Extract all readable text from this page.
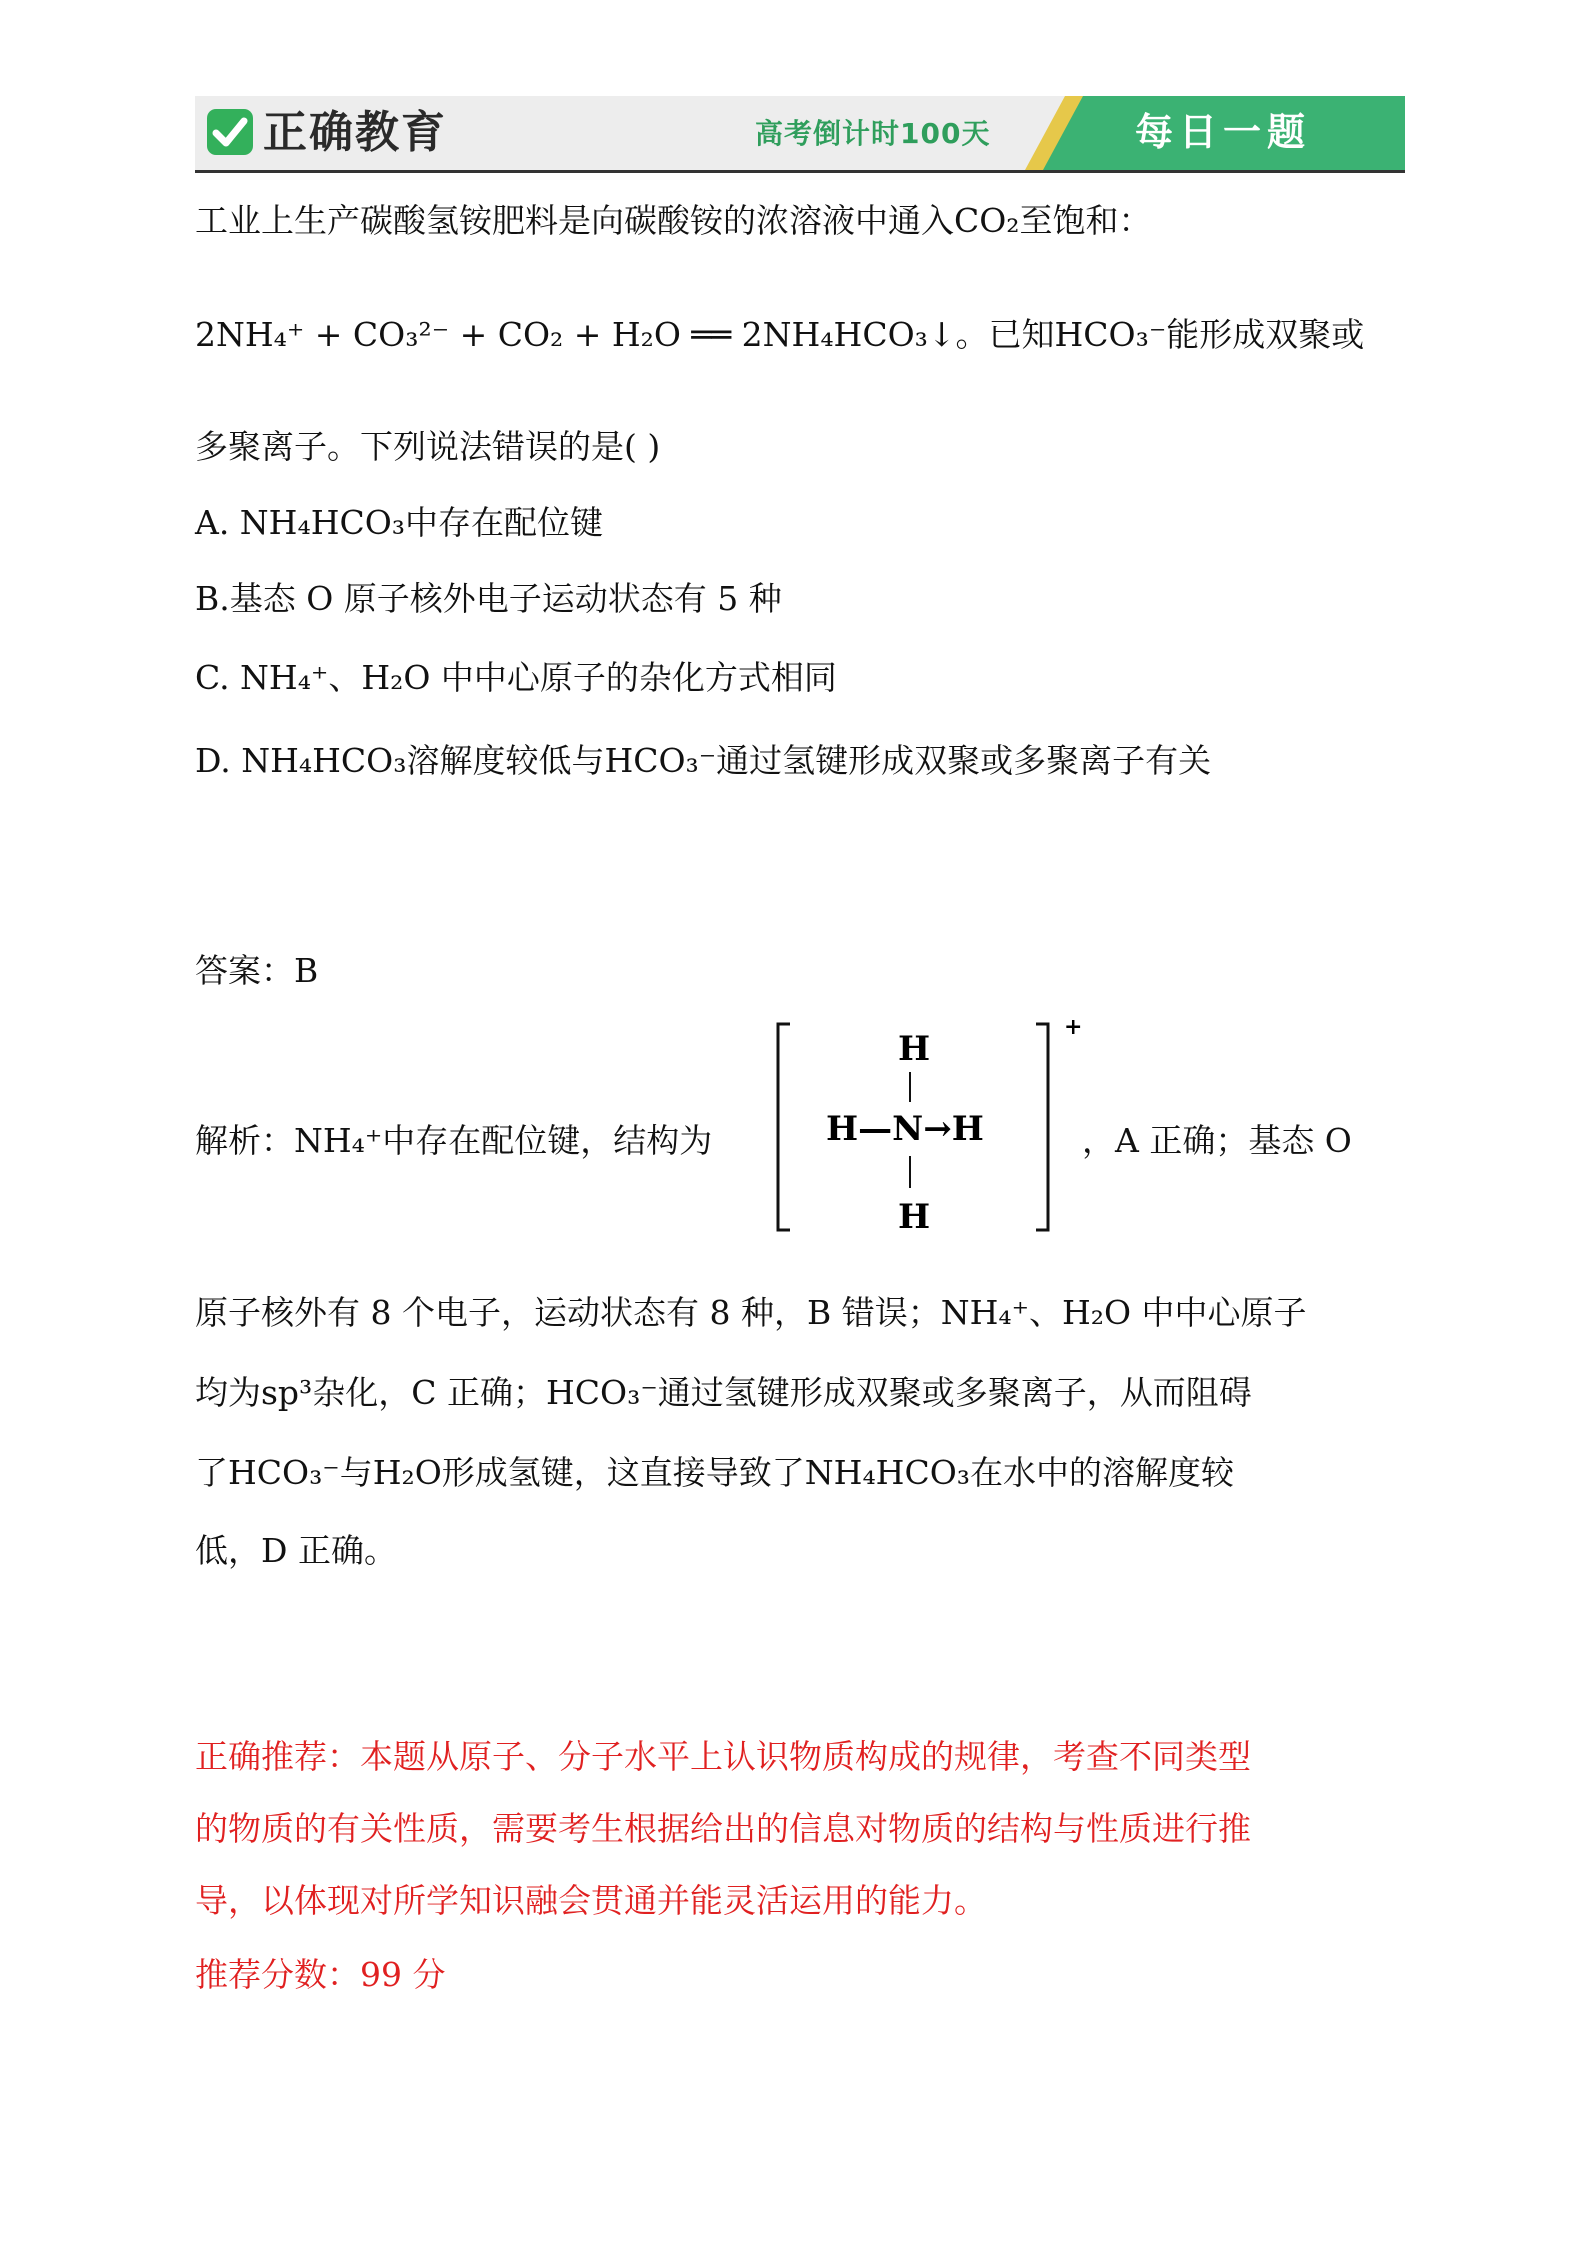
正确教育	高考倒计时100天	每日一题
工业上生产碳酸氢铵肥料是向碳酸铵的浓溶液中通入CO₂至饱和：
2NH₄⁺ + CO₃²⁻ + CO₂ + H₂O ══ 2NH₄HCO₃↓。已知HCO₃⁻能形成双聚或
多聚离子。下列说法错误的是( )
A. NH₄HCO₃中存在配位键
B.基态 O 原子核外电子运动状态有 5 种
C. NH₄⁺、H₂O 中中心原子的杂化方式相同
D. NH₄HCO₃溶解度较低与HCO₃⁻通过氢键形成双聚或多聚离子有关
答案：B
解析：NH₄⁺中存在配位键，结构为
+
H
H—N→H
H
，A 正确；基态 O
原子核外有 8 个电子，运动状态有 8 种，B 错误；NH₄⁺、H₂O 中中心原子
均为sp³杂化，C 正确；HCO₃⁻通过氢键形成双聚或多聚离子，从而阻碍
了HCO₃⁻与H₂O形成氢键，这直接导致了NH₄HCO₃在水中的溶解度较
低，D 正确。
正确推荐：本题从原子、分子水平上认识物质构成的规律，考查不同类型
的物质的有关性质，需要考生根据给出的信息对物质的结构与性质进行推
导，以体现对所学知识融会贯通并能灵活运用的能力。
推荐分数：99 分
